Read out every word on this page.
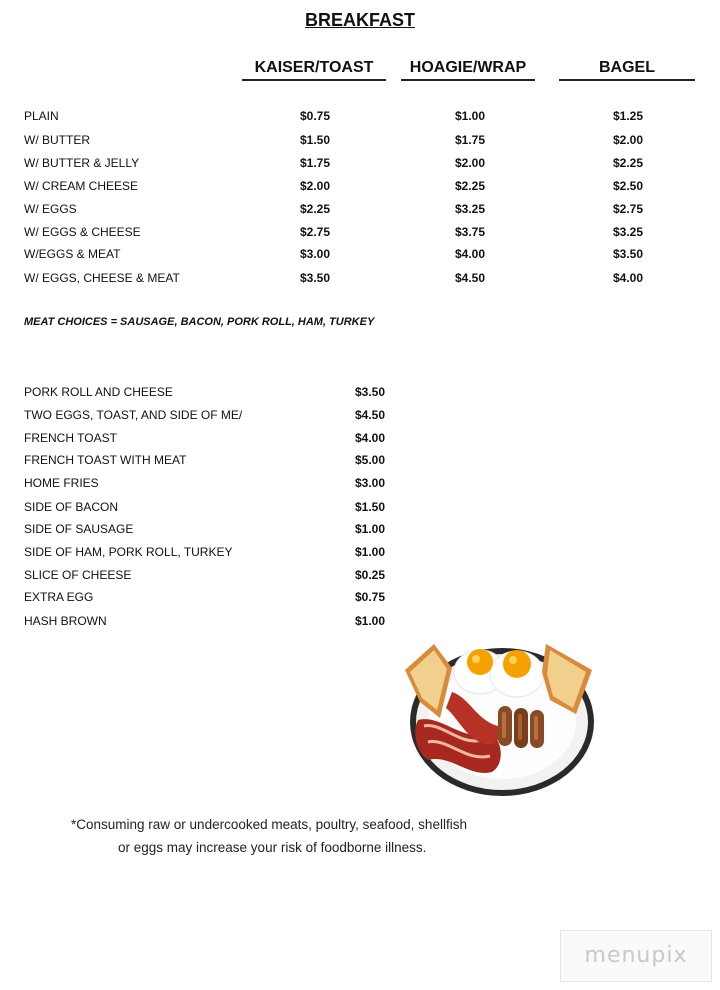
BREAKFAST
KAISER/TOAST	HOAGIE/WRAP	BAGEL
PLAIN	$0.75	$1.00	$1.25
W/ BUTTER	$1.50	$1.75	$2.00
W/ BUTTER & JELLY	$1.75	$2.00	$2.25
W/ CREAM CHEESE	$2.00	$2.25	$2.50
W/ EGGS	$2.25	$3.25	$2.75
W/ EGGS & CHEESE	$2.75	$3.75	$3.25
W/EGGS & MEAT	$3.00	$4.00	$3.50
W/ EGGS, CHEESE & MEAT	$3.50	$4.50	$4.00
MEAT CHOICES = SAUSAGE, BACON, PORK ROLL, HAM, TURKEY
PORK ROLL AND CHEESE	$3.50
TWO EGGS, TOAST, AND SIDE OF ME/	$4.50
FRENCH TOAST	$4.00
FRENCH TOAST WITH MEAT	$5.00
HOME FRIES	$3.00
SIDE OF BACON	$1.50
SIDE OF SAUSAGE	$1.00
SIDE OF HAM, PORK ROLL, TURKEY	$1.00
SLICE OF CHEESE	$0.25
EXTRA EGG	$0.75
HASH BROWN	$1.00
*Consuming raw or undercooked meats, poultry, seafood, shellfish
or eggs may increase your risk of foodborne illness.
menupix
